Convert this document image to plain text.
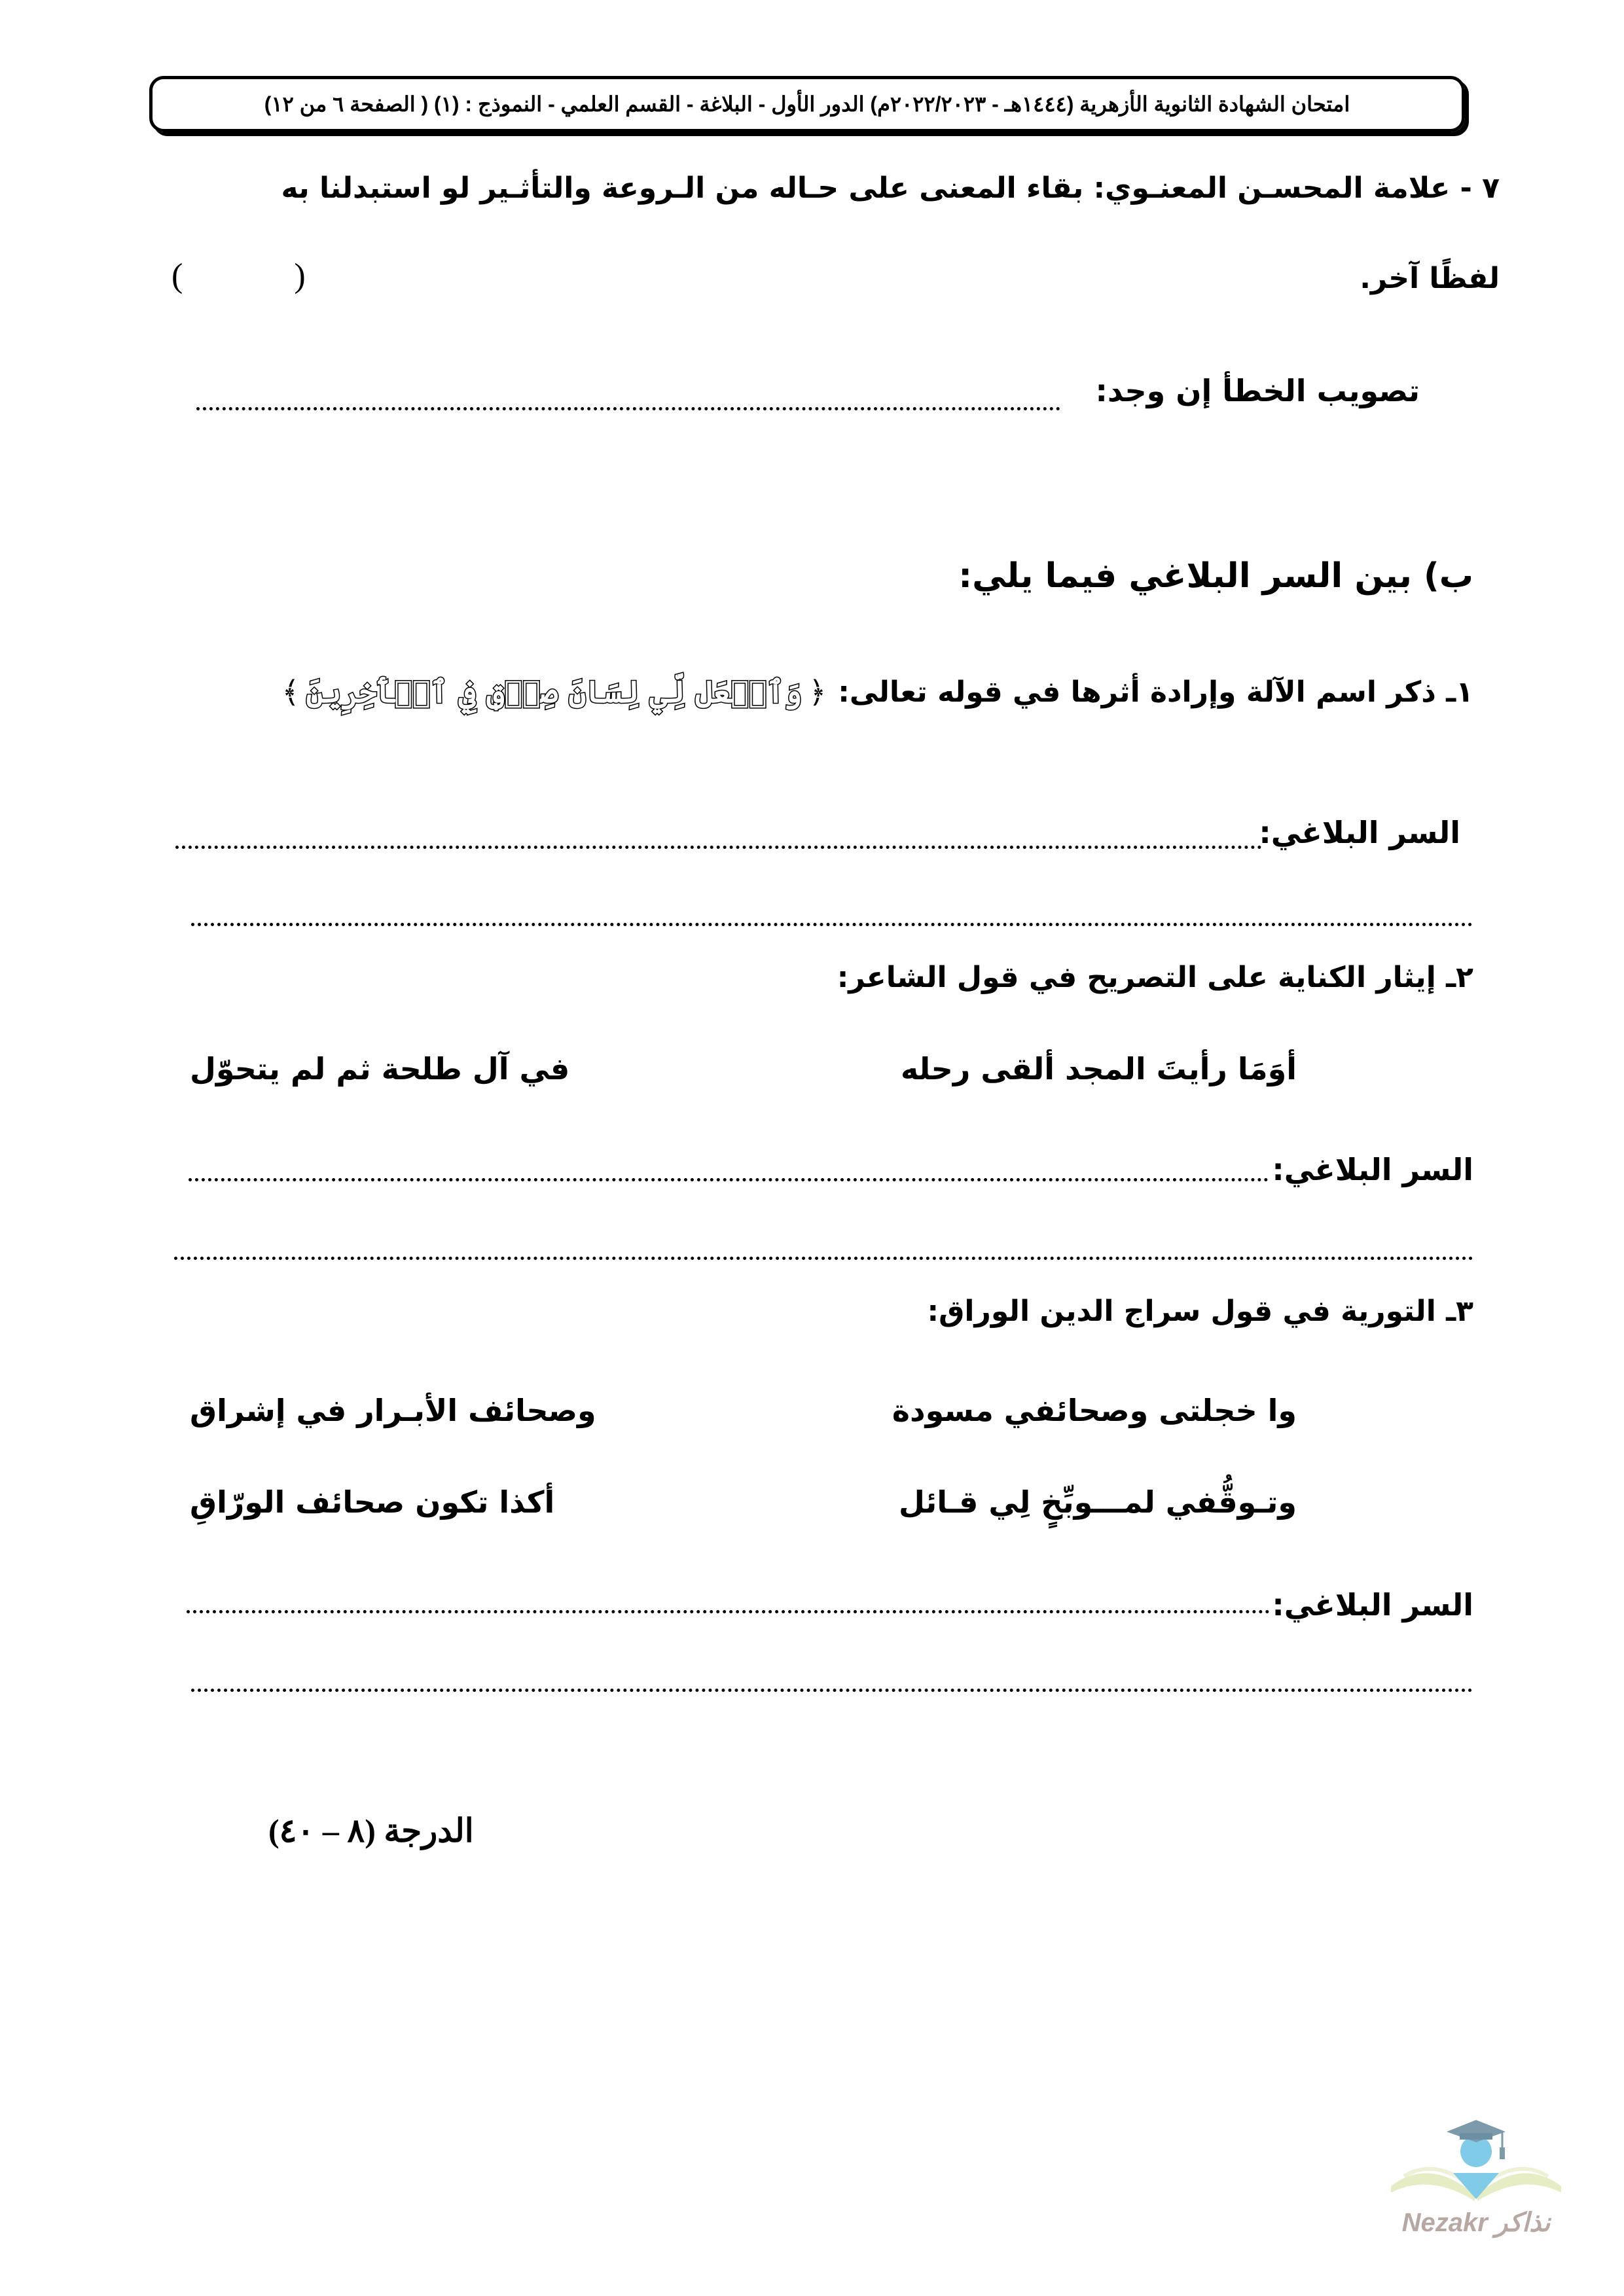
امتحان الشهادة الثانوية الأزهرية (١٤٤٤هـ - ٢٠٢٢/٢٠٢٣م) الدور الأول - البلاغة - القسم العلمي - النموذج : (١) ( الصفحة ٦ من ١٢)
٧ - علامة المحسـن المعنـوي: بقاء المعنى على حـاله من الـروعة والتأثـير لو استبدلنا به
لفظًا آخر.
(	)
تصويب الخطأ إن وجد:
ب) بين السر البلاغي فيما يلي:
١ـ ذكر اسم الآلة وإرادة أثرها في قوله تعالى:
﴿
وَٱجۡعَل لِّي لِسَانَ صِدۡقٖ فِي ٱلۡأٓخِرِينَ
﴾
السر البلاغي:
٢ـ إيثار الكناية على التصريح في قول الشاعر:
أوَمَا رأيتَ المجد ألقى رحله
في آل طلحة ثم لم يتحوّل
السر البلاغي:
٣ـ التورية في قول سراج الدين الوراق:
وا خجلتى وصحائفي مسودة
وصحائف الأبـرار في إشراق
وتـوقُّفي لمـــوبِّخٍ لِي قـائل
أكذا تكون صحائف الورّاقِ
السر البلاغي:
الدرجة (٨ – ٤٠)
Nezakr نذاكر
